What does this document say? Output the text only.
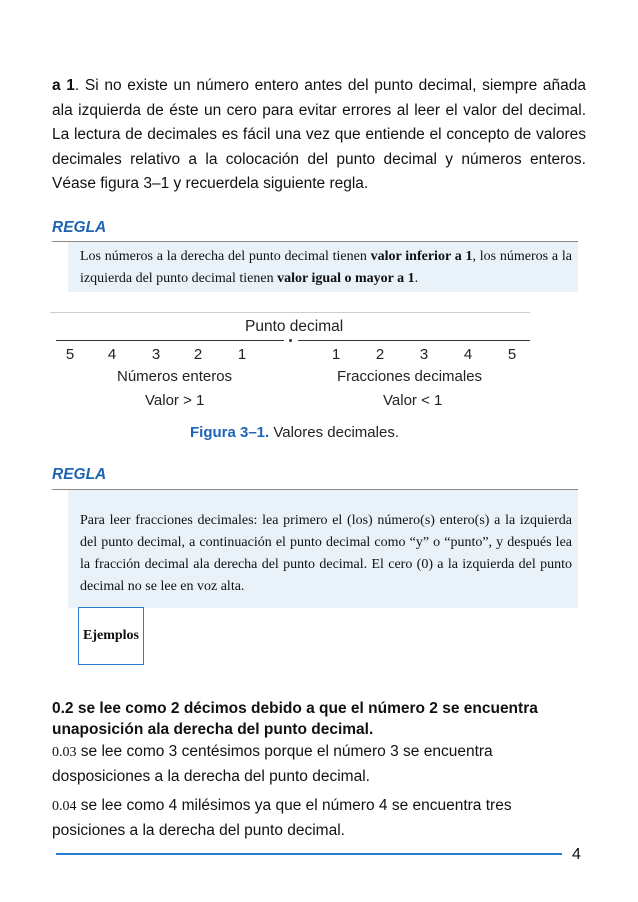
a 1. Si no existe un número entero antes del punto decimal, siempre añada ala izquierda de éste un cero para evitar errores al leer el valor del decimal. La lectura de decimales es fácil una vez que entiende el concepto de valores decimales relativo a la colocación del punto decimal y números enteros. Véase figura 3–1 y recuerdela siguiente regla.

REGLA

Los números a la derecha del punto decimal tienen valor inferior a 1, los números a la izquierda del punto decimal tienen valor igual o mayor a 1.

Punto decimal
5	4	3	2	1	1	2	3	4	5
Números enteros	Fracciones decimales
Valor > 1	Valor < 1
Figura 3–1. Valores decimales.
REGLA

Para leer fracciones decimales: lea primero el (los) número(s) entero(s) a la izquierda del punto decimal, a continuación el punto decimal como “y” o “punto”, y después lea la fracción decimal ala derecha del punto decimal. El cero (0) a la izquierda del punto decimal no se lee en voz alta.

Ejemplos

0.2 se lee como 2 décimos debido a que el número 2 se encuentra unaposición ala derecha del punto decimal.

0.03 se lee como 3 centésimos porque el número 3 se encuentra dosposiciones a la derecha del punto decimal.

0.04 se lee como 4 milésimos ya que el número 4 se encuentra tres posiciones a la derecha del punto decimal.

4
